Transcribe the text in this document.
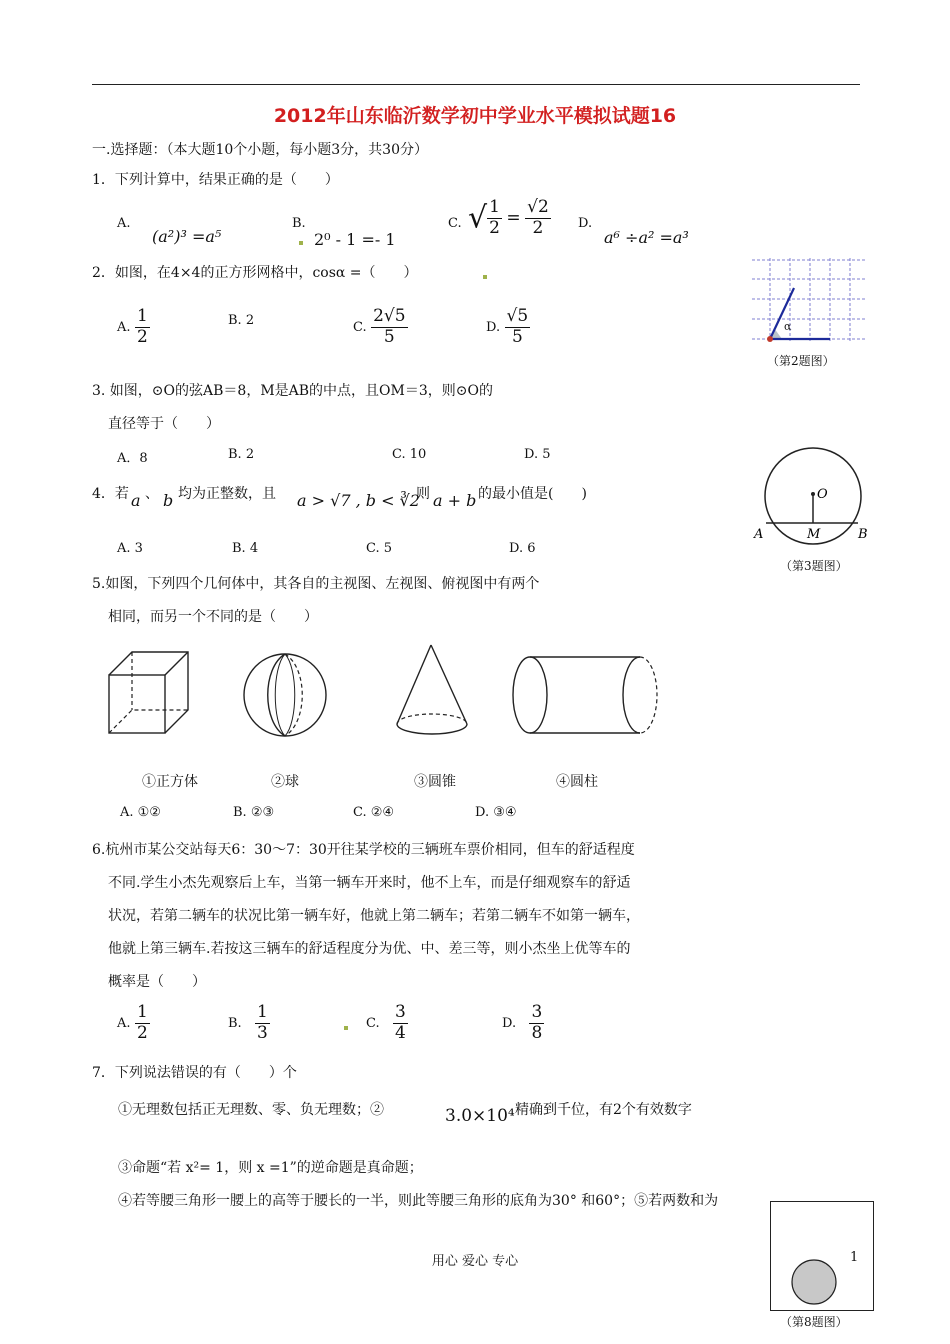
2012年山东临沂数学初中学业水平模拟试题16
一.选择题：（本大题10个小题，每小题3分，共30分）
1．下列计算中，结果正确的是（　　）
A.
(a²)³ =a⁵
B.
2⁰ - 1 =- 1
C. √ $\frac{1}{2} = \frac{√2}{2} D$.
a⁶ ÷a² =a³
2．如图，在4×4的正方形网格中，cosα =（　　）
A. $\frac{1}{2}$	B. 2	C. $\frac{2√5}{5}$	D. $\frac{√5}{5}$	α
（第2题图）
3. 如图，⊙O的弦AB＝8，M是AB的中点，且OM＝3，则⊙O的
直径等于（　　）
A．8	B. 2	C. 10	D. 5
O
A	M	B
（第3题图）
4．若 a 、 b 均为正整数，且 a > √7 , b < ∛2
则 a + b 的最小值是(　　)
A. 3	B. 4	C. 5	D. 6
5.如图，下列四个几何体中，其各自的主视图、左视图、俯视图中有两个
相同，而另一个不同的是（　　）
①正方体	②球	③圆锥	④圆柱
A. ①②	B. ②③	C. ②④	D. ③④
6.杭州市某公交站每天6：30～7：30开往某学校的三辆班车票价相同，但车的舒适程度
不同.学生小杰先观察后上车，当第一辆车开来时，他不上车，而是仔细观察车的舒适
状况，若第二辆车的状况比第一辆车好，他就上第二辆车；若第二辆车不如第一辆车，
他就上第三辆车.若按这三辆车的舒适程度分为优、中、差三等，则小杰坐上优等车的
概率是（　　）
A. $\frac{1}{2}$	B. $\frac{1}{3}$	C. $\frac{3}{4}$	D. $\frac{3}{8}$
7．下列说法错误的有（　　）个
①无理数包括正无理数、零、负无理数；②	3.0×10⁴ 精确到千位，有2个有效数字
③命题“若 x²= 1，则 x =1”的逆命题是真命题；
④若等腰三角形一腰上的高等于腰长的一半，则此等腰三角形的底角为30° 和60°；⑤若两数和为
（第8题图）
用心 爱心 专心	1
